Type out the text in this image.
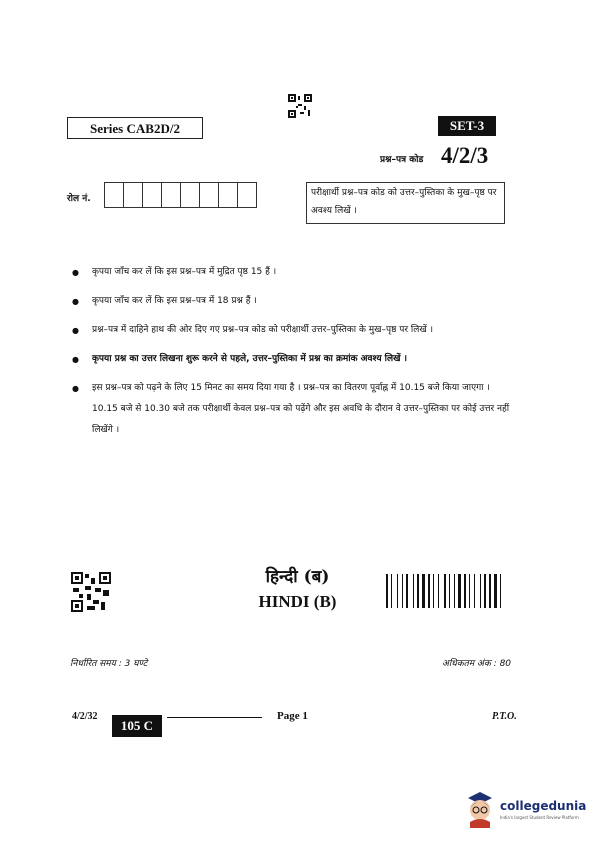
Series CAB2D/2	SET-3
प्रश्न–पत्र कोड 4/2/3
रोल नं.
परीक्षार्थी प्रश्न–पत्र कोड को उत्तर–पुस्तिका के मुख–पृष्ठ पर अवश्य लिखें ।
● कृपया जाँच कर लें कि इस प्रश्न–पत्र में मुद्रित पृष्ठ 15 हैं ।
● कृपया जाँच कर लें कि इस प्रश्न–पत्र में 18 प्रश्न हैं ।
● प्रश्न–पत्र में दाहिने हाथ की ओर दिए गए प्रश्न–पत्र कोड को परीक्षार्थी उत्तर–पुस्तिका के मुख–पृष्ठ पर लिखें ।
● कृपया प्रश्न का उत्तर लिखना शुरू करने से पहले, उत्तर–पुस्तिका में प्रश्न का क्रमांक अवश्य लिखें ।
● इस प्रश्न–पत्र को पढ़ने के लिए 15 मिनट का समय दिया गया है । प्रश्न–पत्र का वितरण पूर्वाह्न में 10.15 बजे किया जाएगा । 10.15 बजे से 10.30 बजे तक परीक्षार्थी केवल प्रश्न–पत्र को पढ़ेंगे और इस अवधि के दौरान वे उत्तर–पुस्तिका पर कोई उत्तर नहीं लिखेंगे ।
हिन्दी (ब)
HINDI (B)
निर्धारित समय : 3 घण्टे	अधिकतम अंक : 80
4/2/32
105 C
Page 1	P.T.O.
collegedunia
India's largest Student Review Platform
